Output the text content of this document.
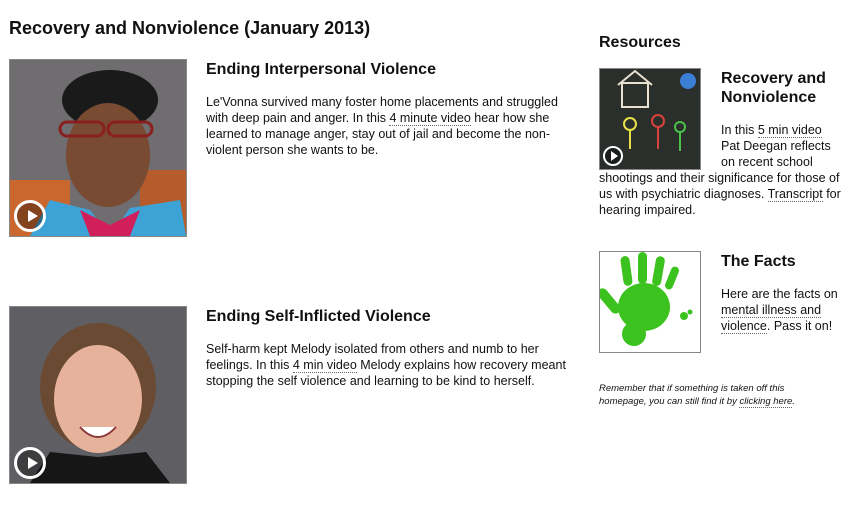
Recovery and Nonviolence (January 2013)
Ending Interpersonal Violence

Le'Vonna survived many foster home placements and struggled with deep pain and anger. In this 4 minute video hear how she learned to manage anger, stay out of jail and become the non-violent person she wants to be.

Ending Self-Inflicted Violence

Self-harm kept Melody isolated from others and numb to her feelings. In this 4 min video Melody explains how recovery meant stopping the self violence and learning to be kind to herself.

Resources
Recovery and Nonviolence

In this 5 min video

Pat Deegan reflects on recent school

shootings and their significance for those of us with psychiatric diagnoses. Transcript for hearing impaired.

The Facts

Here are the facts on mental illness and violence. Pass it on!

Remember that if something is taken off this homepage, you can still find it by clicking here.
